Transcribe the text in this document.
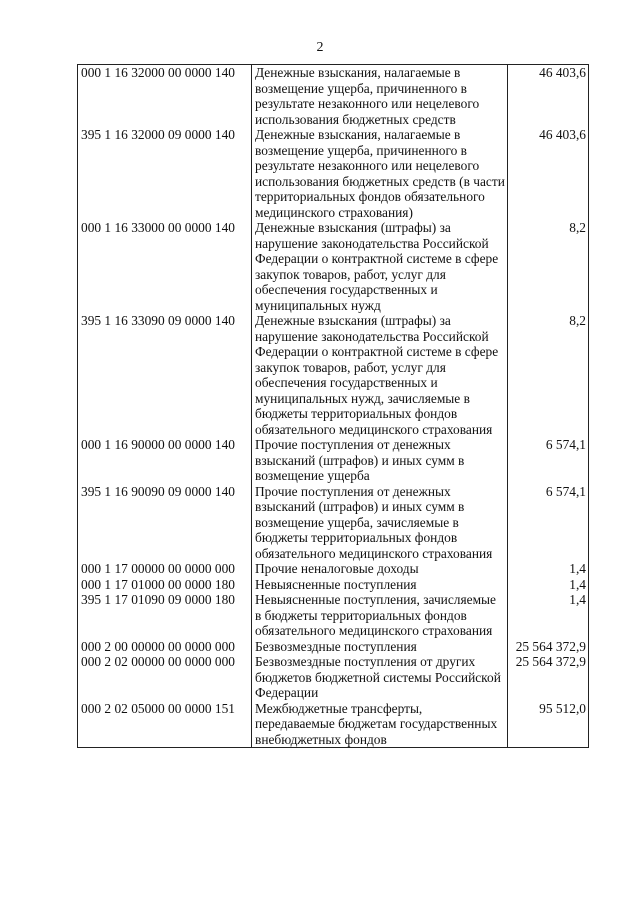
2
000 1 16 32000 00 0000 140	Денежные взыскания, налагаемые в возмещение ущерба, причиненного в результате незаконного или нецелевого использования бюджетных средств	46 403,6
395 1 16 32000 09 0000 140	Денежные взыскания, налагаемые в возмещение ущерба, причиненного в результате незаконного или нецелевого использования бюджетных средств (в части территориальных фондов обязательного медицинского страхования)	46 403,6
000 1 16 33000 00 0000 140	Денежные взыскания (штрафы) за нарушение законодательства Российской Федерации о контрактной системе в сфере закупок товаров, работ, услуг для обеспечения государственных и муниципальных нужд	8,2
395 1 16 33090 09 0000 140	Денежные взыскания (штрафы) за нарушение законодательства Российской Федерации о контрактной системе в сфере закупок товаров, работ, услуг для обеспечения государственных и муниципальных нужд, зачисляемые в бюджеты территориальных фондов обязательного медицинского страхования	8,2
000 1 16 90000 00 0000 140	Прочие поступления от денежных взысканий (штрафов) и иных сумм в возмещение ущерба	6 574,1
395 1 16 90090 09 0000 140	Прочие поступления от денежных взысканий (штрафов) и иных сумм в возмещение ущерба, зачисляемые в бюджеты территориальных фондов обязательного медицинского страхования	6 574,1
000 1 17 00000 00 0000 000	Прочие неналоговые доходы	1,4
000 1 17 01000 00 0000 180	Невыясненные поступления	1,4
395 1 17 01090 09 0000 180	Невыясненные поступления, зачисляемые в бюджеты территориальных фондов обязательного медицинского страхования	1,4
000 2 00 00000 00 0000 000	Безвозмездные поступления	25 564 372,9
000 2 02 00000 00 0000 000	Безвозмездные поступления от других бюджетов бюджетной системы Российской Федерации	25 564 372,9
000 2 02 05000 00 0000 151	Межбюджетные трансферты, передаваемые бюджетам государственных внебюджетных фондов	95 512,0
